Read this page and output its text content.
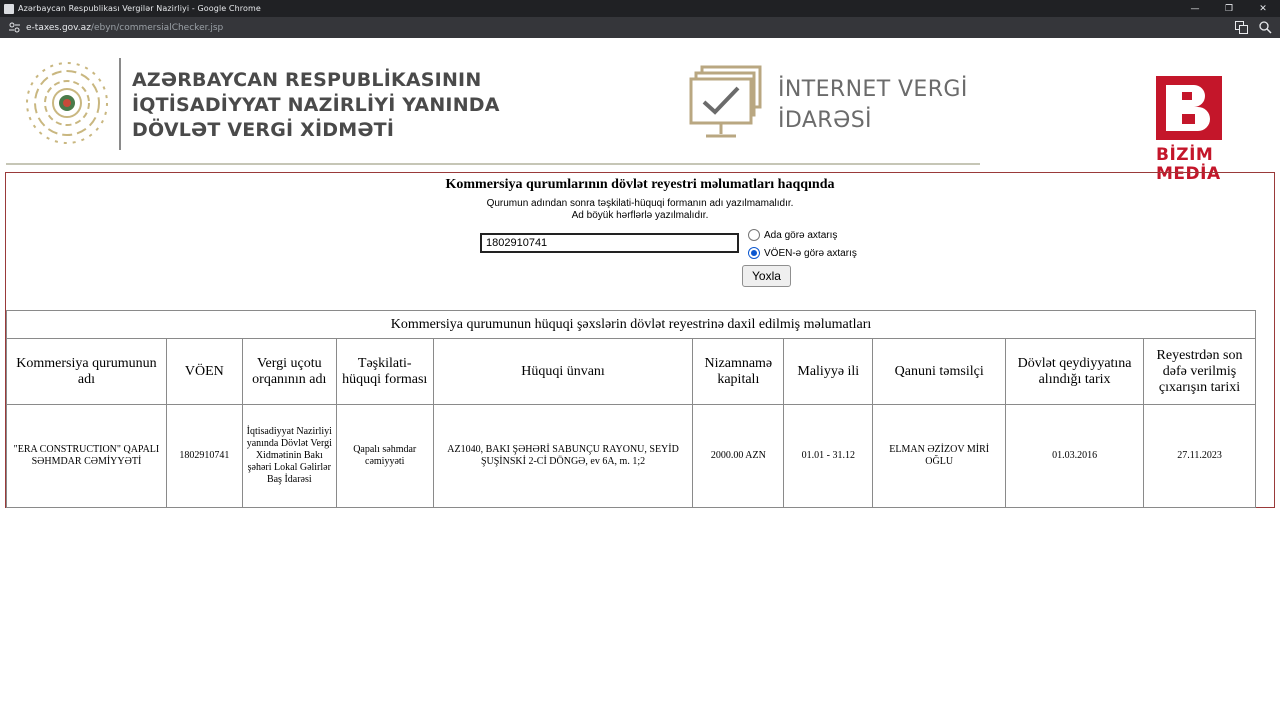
Azərbaycan Respublikası Vergilər Nazirliyi - Google Chrome	—	❐	✕
e-taxes.gov.az /ebyn/commersialChecker.jsp
AZƏRBAYCAN RESPUBLİKASININ
İQTİSADİYYAT NAZİRLİYİ YANINDA
DÖVLƏT VERGİ XİDMƏTİ
İNTERNET VERGİ
İDARƏSİ
BİZİM
MEDİA
Kommersiya qurumlarının dövlət reyestri məlumatları haqqında
Qurumun adından sonra təşkilati-hüquqi formanın adı yazılmamalıdır.
Ad böyük hərflərlə yazılmalıdır.
1802910741
Ada görə axtarış
VÖEN-ə görə axtarış
Yoxla
Kommersiya qurumunun hüquqi şəxslərin dövlət reyestrinə daxil edilmiş məlumatları									
Kommersiya qurumunun adı	VÖEN	Vergi uçotu orqanının adı	Təşkilati-hüquqi forması	Hüquqi ünvanı	Nizamnamə kapitalı	Maliyyə ili	Qanuni təmsilçi	Dövlət qeydiyyatına alındığı tarix	Reyestrdən son dəfə verilmiş çıxarışın tarixi
"ERA CONSTRUCTION" QAPALI SƏHMDAR CƏMİYYƏTİ	1802910741	İqtisadiyyat Nazirliyi yanında Dövlət Vergi Xidmətinin Bakı şəhəri Lokal Gəlirlər Baş İdarəsi	Qapalı səhmdar cəmiyyəti	AZ1040, BAKI ŞƏHƏRİ SABUNÇU RAYONU, SEYİD ŞUŞİNSKİ 2-Cİ DÖNGƏ, ev 6A, m. 1;2	2000.00 AZN	01.01 - 31.12	ELMAN ƏZİZOV MİRİ OĞLU	01.03.2016	27.11.2023
